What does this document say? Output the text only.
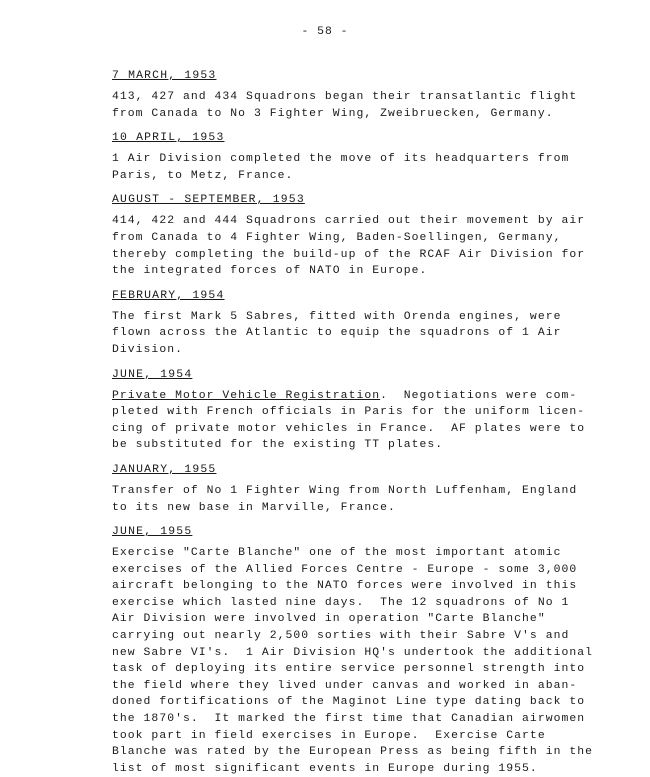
- 58 -
7 MARCH, 1953
413, 427 and 434 Squadrons began their transatlantic flight
from Canada to No 3 Fighter Wing, Zweibruecken, Germany.
10 APRIL, 1953
1 Air Division completed the move of its headquarters from
Paris, to Metz, France.
AUGUST - SEPTEMBER, 1953
414, 422 and 444 Squadrons carried out their movement by air
from Canada to 4 Fighter Wing, Baden-Soellingen, Germany,
thereby completing the build-up of the RCAF Air Division for
the integrated forces of NATO in Europe.
FEBRUARY, 1954
The first Mark 5 Sabres, fitted with Orenda engines, were
flown across the Atlantic to equip the squadrons of 1 Air
Division.
JUNE, 1954
Private Motor Vehicle Registration.  Negotiations were com-
pleted with French officials in Paris for the uniform licen-
cing of private motor vehicles in France.  AF plates were to
be substituted for the existing TT plates.
JANUARY, 1955
Transfer of No 1 Fighter Wing from North Luffenham, England
to its new base in Marville, France.
JUNE, 1955
Exercise "Carte Blanche" one of the most important atomic
exercises of the Allied Forces Centre - Europe - some 3,000
aircraft belonging to the NATO forces were involved in this
exercise which lasted nine days.  The 12 squadrons of No 1
Air Division were involved in operation "Carte Blanche"
carrying out nearly 2,500 sorties with their Sabre V's and
new Sabre VI's.  1 Air Division HQ's undertook the additional
task of deploying its entire service personnel strength into
the field where they lived under canvas and worked in aban-
doned fortifications of the Maginot Line type dating back to
the 1870's.  It marked the first time that Canadian airwomen
took part in field exercises in Europe.  Exercise Carte
Blanche was rated by the European Press as being fifth in the
list of most significant events in Europe during 1955.
